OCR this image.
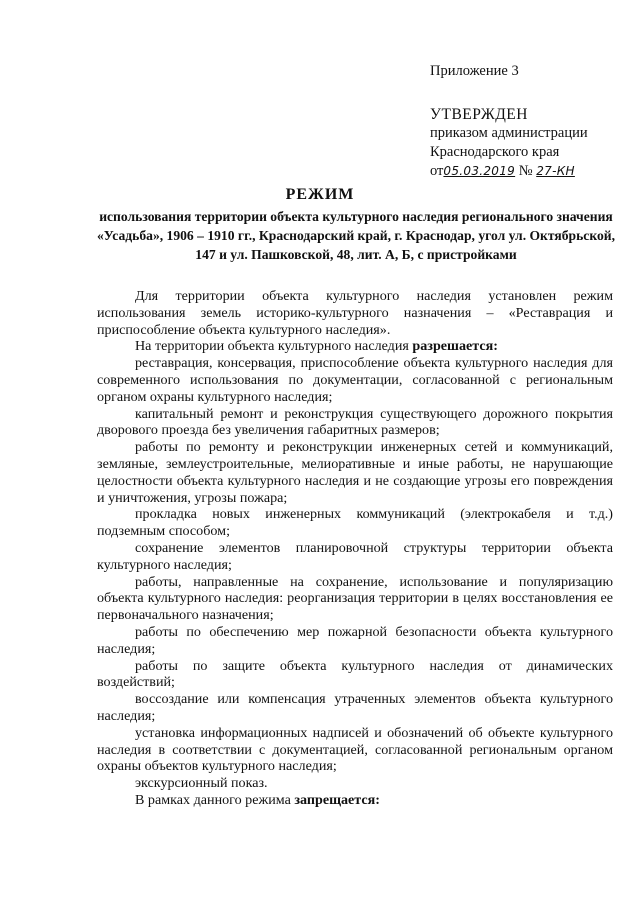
Приложение 3
УТВЕРЖДЕН
приказом администрации
Краснодарского края
от05.03.2019 № 27-КН
РЕЖИМ
использования территории объекта культурного наследия регионального значения «Усадьба», 1906 – 1910 гг., Краснодарский край, г. Краснодар, угол ул. Октябрьской, 147 и ул. Пашковской, 48, лит. А, Б, с пристройками

Для территории объекта культурного наследия установлен режим использования земель историко-культурного назначения – «Реставрация и приспособление объекта культурного наследия».

На территории объекта культурного наследия разрешается:

реставрация, консервация, приспособление объекта культурного наследия для современного использования по документации, согласованной с региональным органом охраны культурного наследия;

капитальный ремонт и реконструкция существующего дорожного покрытия дворового проезда без увеличения габаритных размеров;

работы по ремонту и реконструкции инженерных сетей и коммуникаций, земляные, землеустроительные, мелиоративные и иные работы, не нарушающие целостности объекта культурного наследия и не создающие угрозы его повреждения и уничтожения, угрозы пожара;

прокладка новых инженерных коммуникаций (электрокабеля и т.д.) подземным способом;

сохранение элементов планировочной структуры территории объекта культурного наследия;

работы, направленные на сохранение, использование и популяризацию объекта культурного наследия: реорганизация территории в целях восстановления ее первоначального назначения;

работы по обеспечению мер пожарной безопасности объекта культурного наследия;

работы по защите объекта культурного наследия от динамических воздействий;

воссоздание или компенсация утраченных элементов объекта культурного наследия;

установка информационных надписей и обозначений об объекте культурного наследия в соответствии с документацией, согласованной региональным органом охраны объектов культурного наследия;

экскурсионный показ.

В рамках данного режима запрещается:
